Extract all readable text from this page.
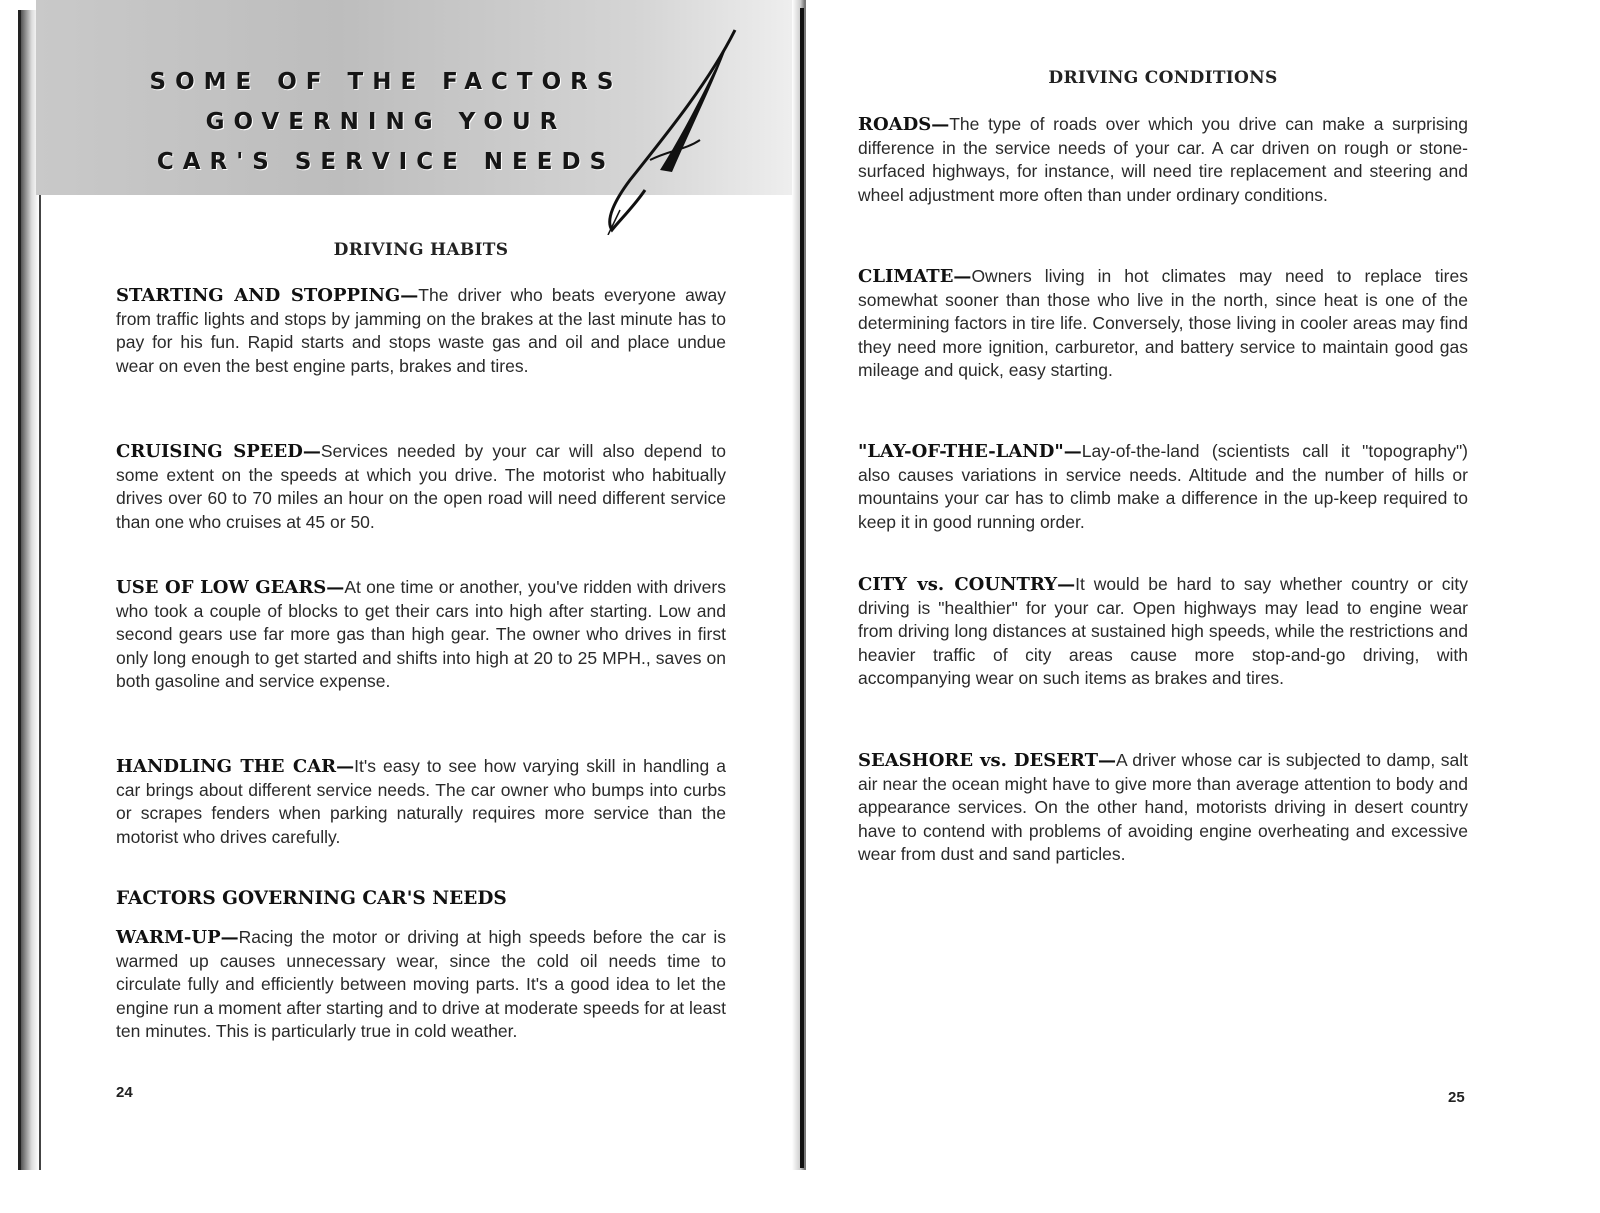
SOME OF THE FACTORS
GOVERNING YOUR
CAR'S SERVICE NEEDS
DRIVING HABITS
STARTING AND STOPPING—The driver who beats everyone away from traffic lights and stops by jamming on the brakes at the last minute has to pay for his fun. Rapid starts and stops waste gas and oil and place undue wear on even the best engine parts, brakes and tires.
CRUISING SPEED—Services needed by your car will also depend to some extent on the speeds at which you drive. The motorist who habitually drives over 60 to 70 miles an hour on the open road will need different service than one who cruises at 45 or 50.
USE OF LOW GEARS—At one time or another, you've ridden with drivers who took a couple of blocks to get their cars into high after starting. Low and second gears use far more gas than high gear. The owner who drives in first only long enough to get started and shifts into high at 20 to 25 MPH., saves on both gasoline and service expense.
HANDLING THE CAR—It's easy to see how varying skill in handling a car brings about different service needs. The car owner who bumps into curbs or scrapes fenders when parking naturally requires more service than the motorist who drives carefully.
FACTORS GOVERNING CAR'S NEEDS
WARM-UP—Racing the motor or driving at high speeds before the car is warmed up causes unnecessary wear, since the cold oil needs time to circulate fully and efficiently between moving parts. It's a good idea to let the engine run a moment after starting and to drive at moderate speeds for at least ten minutes. This is particularly true in cold weather.
24
DRIVING CONDITIONS
ROADS—The type of roads over which you drive can make a surprising difference in the service needs of your car. A car driven on rough or stone-surfaced highways, for instance, will need tire replacement and steering and wheel adjustment more often than under ordinary conditions.
CLIMATE—Owners living in hot climates may need to replace tires somewhat sooner than those who live in the north, since heat is one of the determining factors in tire life. Conversely, those living in cooler areas may find they need more ignition, carburetor, and battery service to maintain good gas mileage and quick, easy starting.
"LAY-OF-THE-LAND"—Lay-of-the-land (scientists call it "topography") also causes variations in service needs. Altitude and the number of hills or mountains your car has to climb make a difference in the up-keep required to keep it in good running order.
CITY vs. COUNTRY—It would be hard to say whether country or city driving is "healthier" for your car. Open highways may lead to engine wear from driving long distances at sustained high speeds, while the restrictions and heavier traffic of city areas cause more stop-and-go driving, with accompanying wear on such items as brakes and tires.
SEASHORE vs. DESERT—A driver whose car is subjected to damp, salt air near the ocean might have to give more than average attention to body and appearance services. On the other hand, motorists driving in desert country have to contend with problems of avoiding engine overheating and excessive wear from dust and sand particles.
25
